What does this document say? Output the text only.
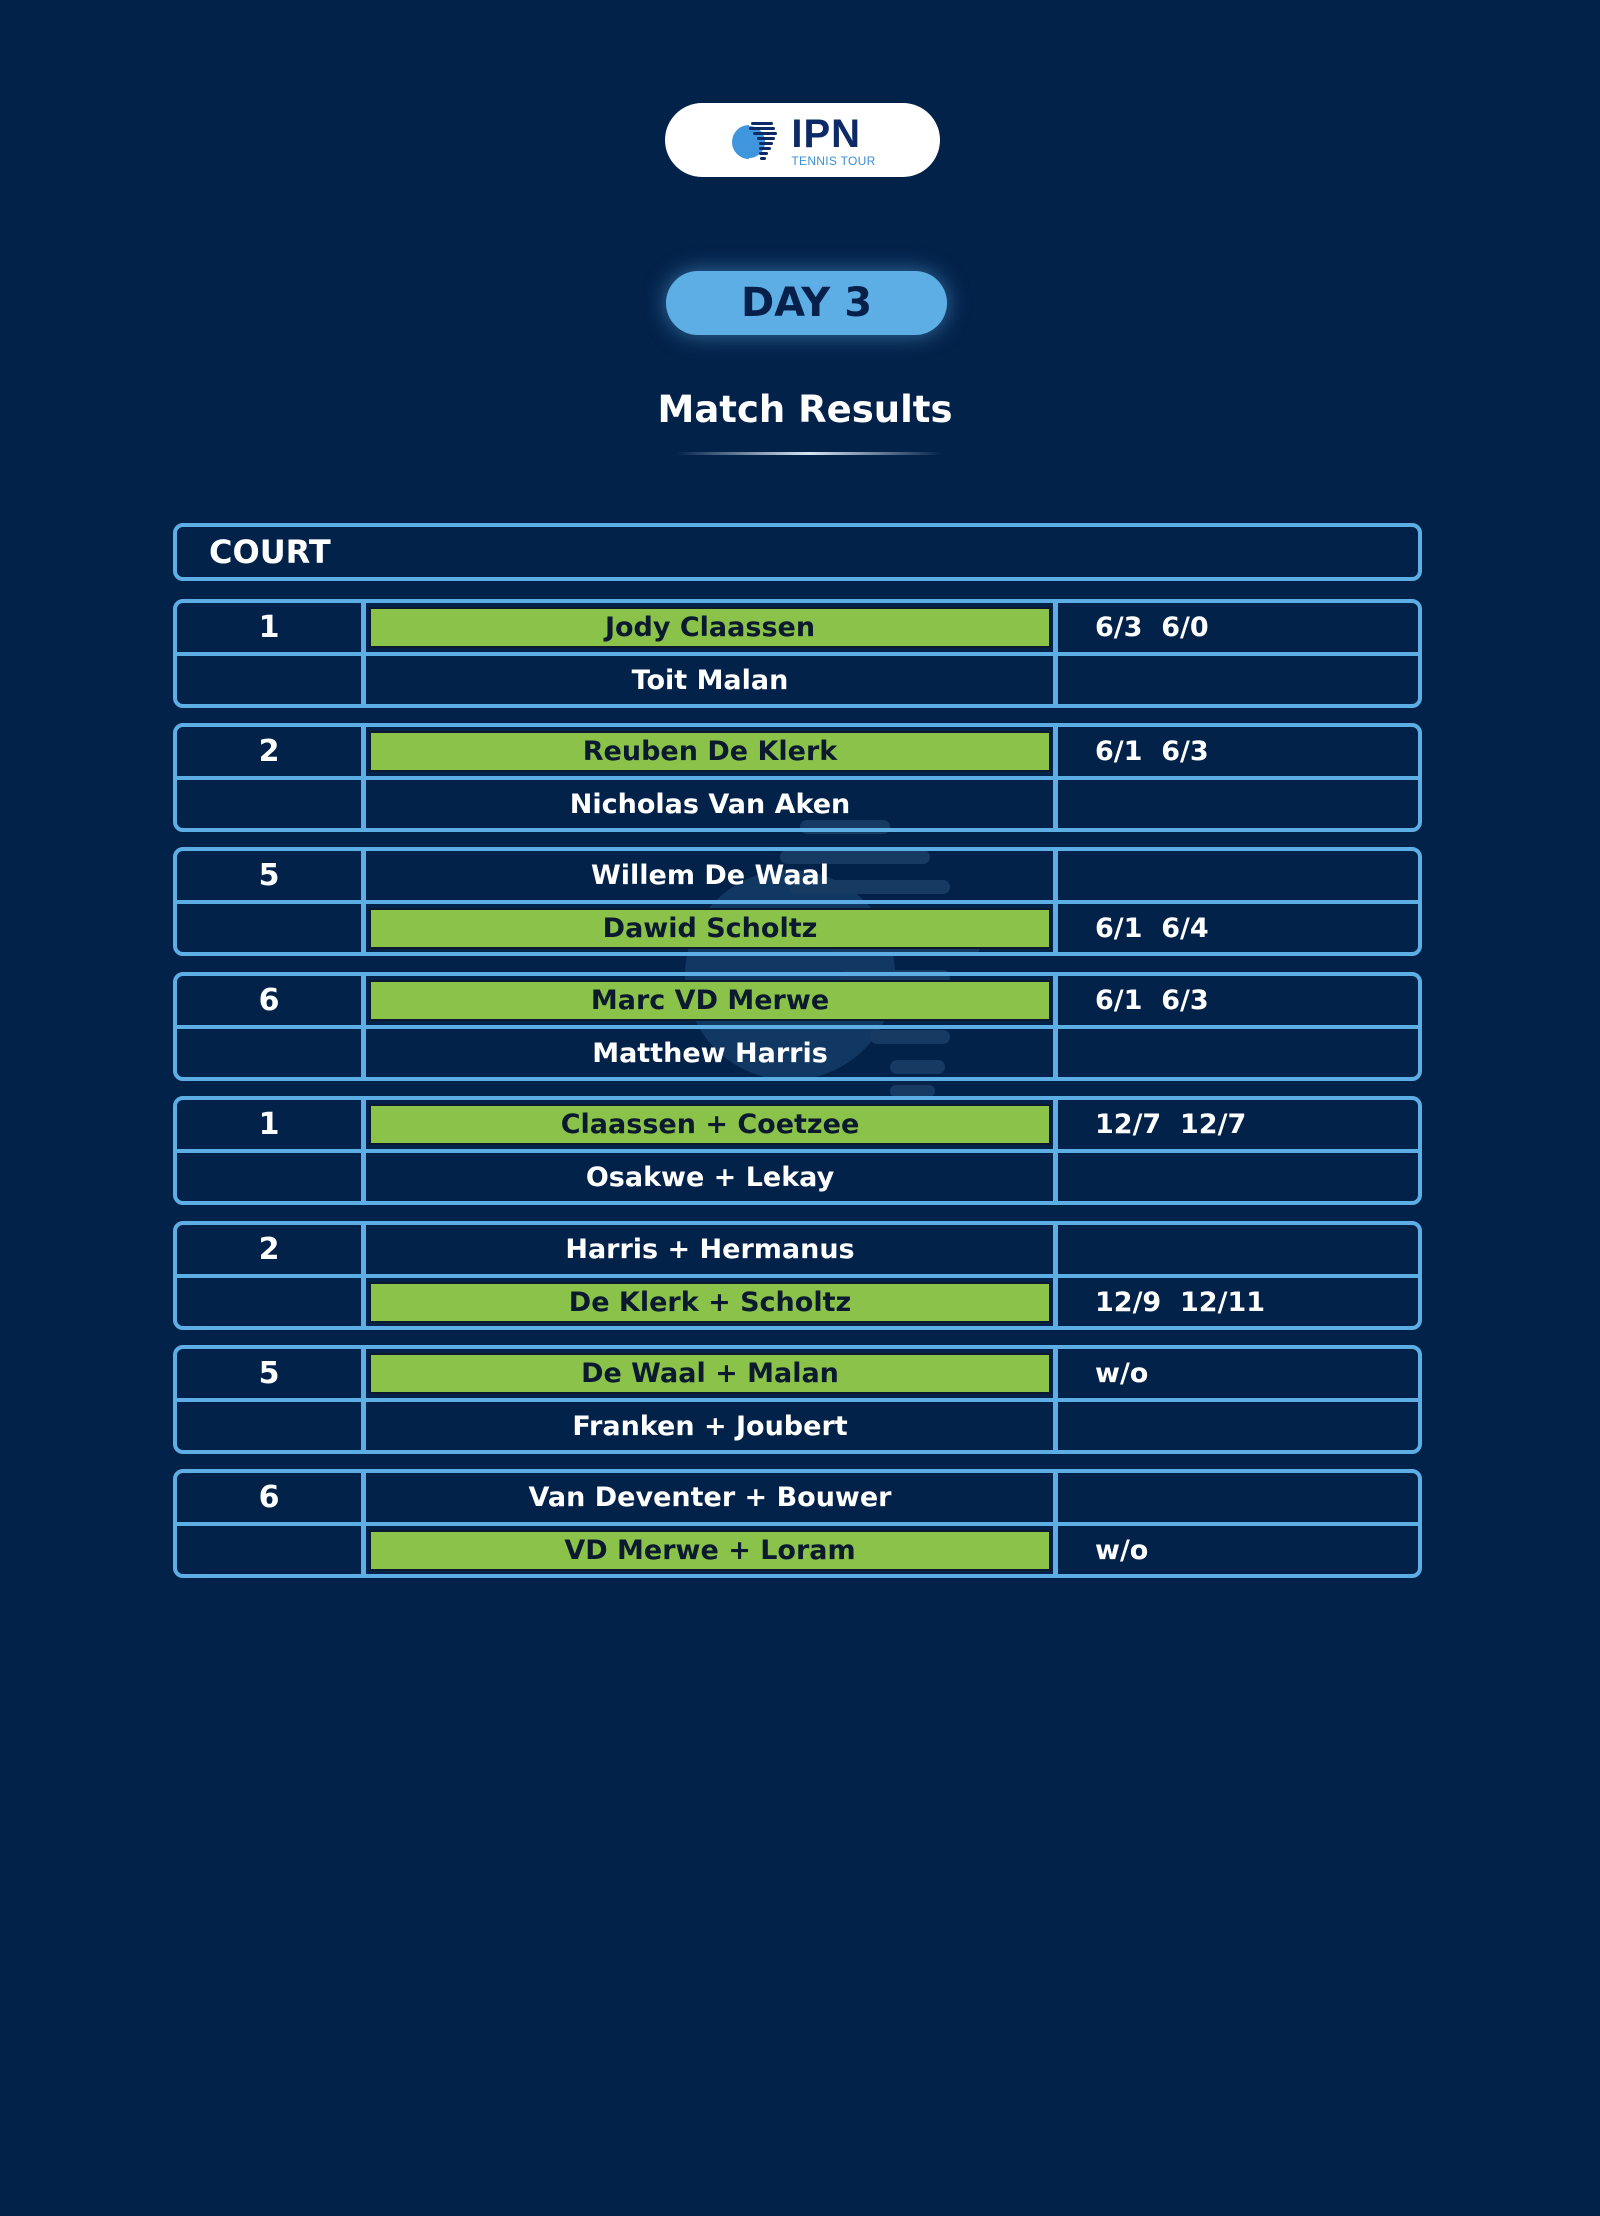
IPN
TENNIS TOUR
DAY 3
Match Results
COURT
1	Jody Claassen	6/3  6/0
Toit Malan
2	Reuben De Klerk	6/1  6/3
Nicholas Van Aken
5	Willem De Waal
Dawid Scholtz	6/1  6/4
6	Marc VD Merwe	6/1  6/3
Matthew Harris
1	Claassen + Coetzee	12/7  12/7
Osakwe + Lekay
2	Harris + Hermanus
De Klerk + Scholtz	12/9  12/11
5	De Waal + Malan	w/o
Franken + Joubert
6	Van Deventer + Bouwer
VD Merwe + Loram	w/o
